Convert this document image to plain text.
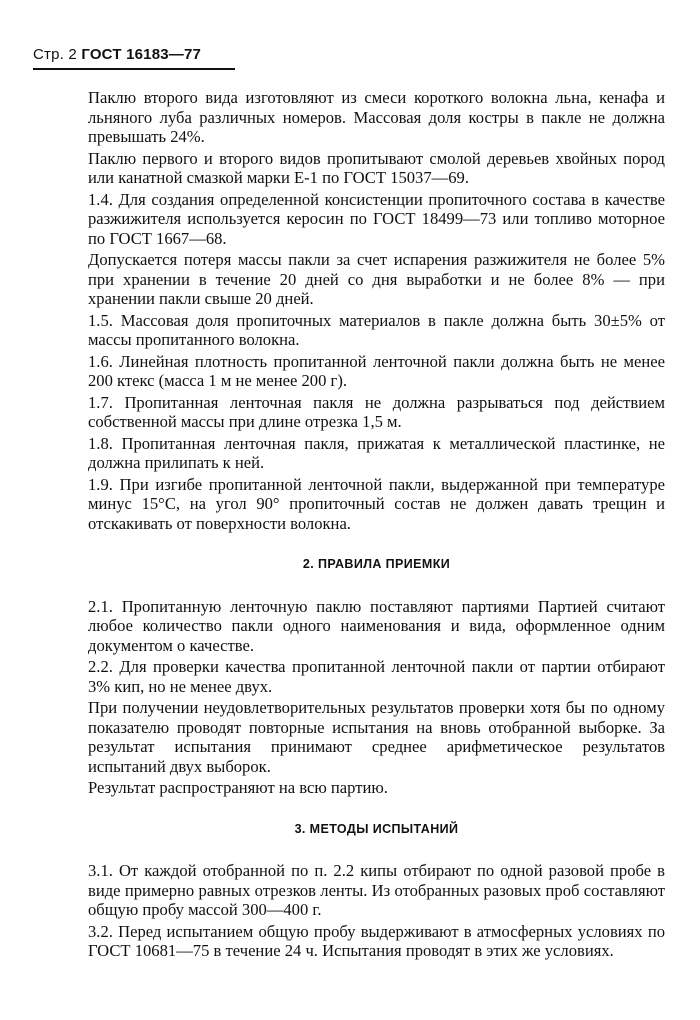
Стр. 2 ГОСТ 16183—77

Паклю второго вида изготовляют из смеси короткого волокна льна, кенафа и льняного луба различных номеров. Массовая доля костры в пакле не должна превышать 24%.

Паклю первого и второго видов пропитывают смолой деревьев хвойных пород или канатной смазкой марки Е-1 по ГОСТ 15037—69.

1.4. Для создания определенной консистенции пропиточного состава в качестве разжижителя используется керосин по ГОСТ 18499—73 или топливо моторное по ГОСТ 1667—68.

Допускается потеря массы пакли за счет испарения разжижителя не более 5% при хранении в течение 20 дней со дня выработки и не более 8% — при хранении пакли свыше 20 дней.

1.5. Массовая доля пропиточных материалов в пакле должна быть 30±5% от массы пропитанного волокна.

1.6. Линейная плотность пропитанной ленточной пакли должна быть не менее 200 ктекс (масса 1 м не менее 200 г).

1.7. Пропитанная ленточная пакля не должна разрываться под действием собственной массы при длине отрезка 1,5 м.

1.8. Пропитанная ленточная пакля, прижатая к металлической пластинке, не должна прилипать к ней.

1.9. При изгибе пропитанной ленточной пакли, выдержанной при температуре минус 15°С, на угол 90° пропиточный состав не должен давать трещин и отскакивать от поверхности волокна.

2. ПРАВИЛА ПРИЕМКИ

2.1. Пропитанную ленточную паклю поставляют партиями Партией считают любое количество пакли одного наименования и вида, оформленное одним документом о качестве.

2.2. Для проверки качества пропитанной ленточной пакли от партии отбирают 3% кип, но не менее двух.

При получении неудовлетворительных результатов проверки хотя бы по одному показателю проводят повторные испытания на вновь отобранной выборке. За результат испытания принимают среднее арифметическое результатов испытаний двух выборок.

Результат распространяют на всю партию.

3. МЕТОДЫ ИСПЫТАНИЙ

3.1. От каждой отобранной по п. 2.2 кипы отбирают по одной разовой пробе в виде примерно равных отрезков ленты. Из отобранных разовых проб составляют общую пробу массой 300—400 г.

3.2. Перед испытанием общую пробу выдерживают в атмосферных условиях по ГОСТ 10681—75 в течение 24 ч. Испытания проводят в этих же условиях.
